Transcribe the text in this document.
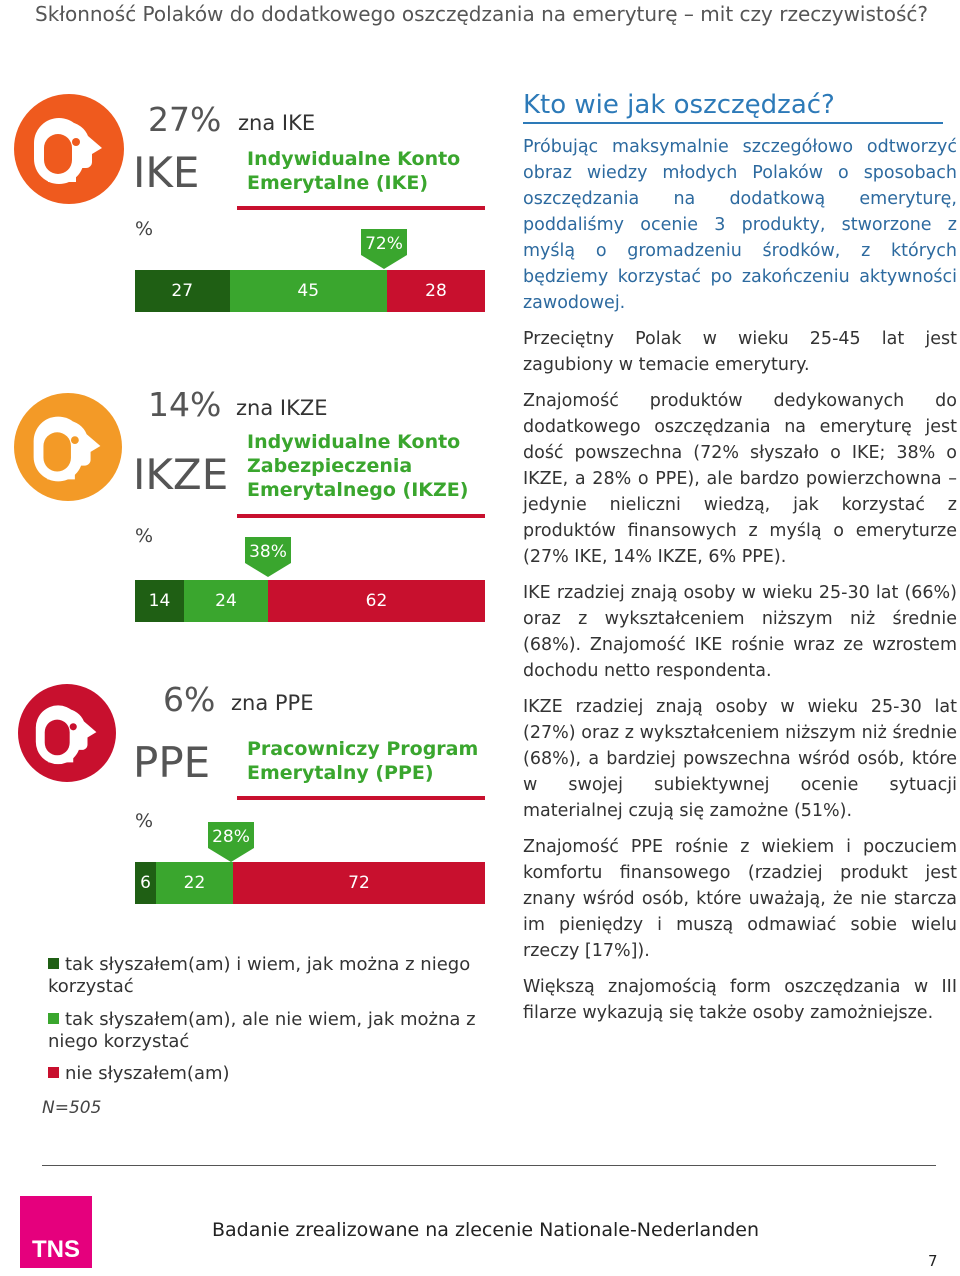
Skłonność Polaków do dodatkowego oszczędzania na emeryturę – mit czy rzeczywistość?
27% zna IKE
IKE	Indywidualne Konto
Emerytalne (IKE)
%
72%
27	45	28
14% zna IKZE
IKZE
Indywidualne Konto
Zabezpieczenia
Emerytalnego (IKZE)
%
38%
14	24	62
6% zna PPE
PPE Pracowniczy Program
Emerytalny (PPE)
%
28%
6	22	72
tak słyszałem(am) i wiem, jak można z niego korzystać
tak słyszałem(am), ale nie wiem, jak można z niego korzystać
nie słyszałem(am)
N=505
Kto wie jak oszczędzać?
Próbując maksymalnie szczegółowo odtworzyć obraz wiedzy młodych Polaków o sposobach oszczędzania na dodatkową emeryturę, poddaliśmy ocenie 3 produkty, stworzone z myślą o gromadzeniu środków, z których będziemy korzystać po zakończeniu aktywności zawodowej.
Przeciętny Polak w wieku 25-45 lat jest zagubiony w temacie emerytury.
Znajomość produktów dedykowanych do dodatkowego oszczędzania na emeryturę jest dość powszechna (72% słyszało o IKE; 38% o IKZE, a 28% o PPE), ale bardzo powierzchowna – jedynie nieliczni wiedzą, jak korzystać z produktów finansowych z myślą o emeryturze (27% IKE, 14% IKZE, 6% PPE).
IKE rzadziej znają osoby w wieku 25-30 lat (66%) oraz z wykształceniem niższym niż średnie (68%). Znajomość IKE rośnie wraz ze wzrostem dochodu netto respondenta.
IKZE rzadziej znają osoby w wieku 25-30 lat (27%) oraz z wykształceniem niższym niż średnie (68%), a bardziej powszechna wśród osób, które w swojej subiektywnej ocenie sytuacji materialnej czują się zamożne (51%).
Znajomość PPE rośnie z wiekiem i poczuciem komfortu finansowego (rzadziej produkt jest znany wśród osób, które uważają, że nie starcza im pieniędzy i muszą odmawiać sobie wielu rzeczy [17%]).
Większą znajomością form oszczędzania w III filarze wykazują się także osoby zamożniejsze.
TNS
Badanie zrealizowane na zlecenie Nationale-Nederlanden
7
